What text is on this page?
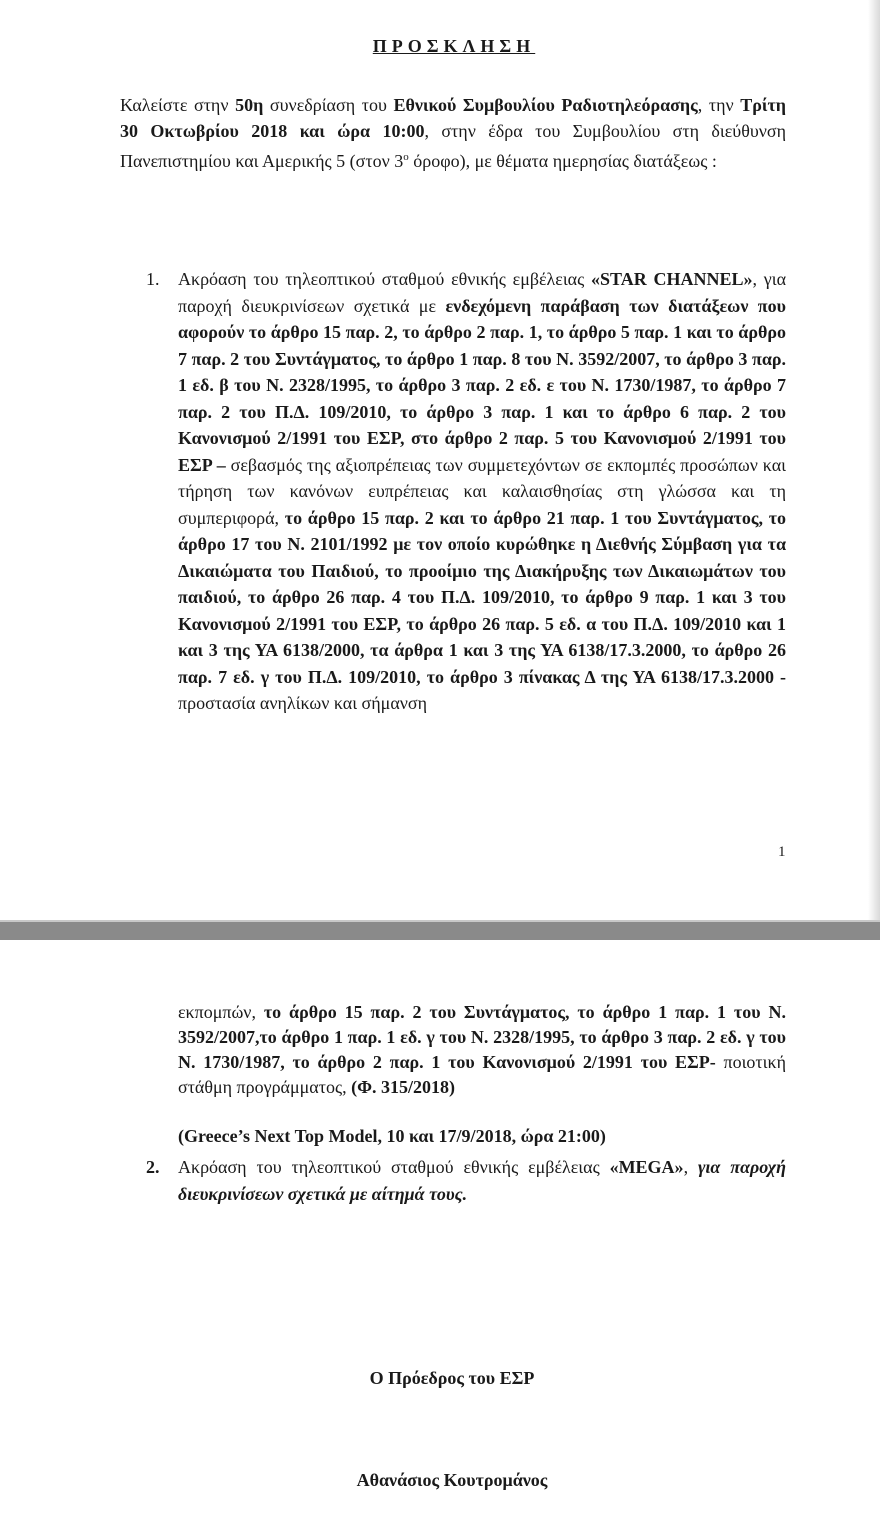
ΠΡΟΣΚΛΗΣΗ
Καλείστε στην 50η συνεδρίαση του Εθνικού Συμβουλίου Ραδιοτηλεόρασης, την Τρίτη 30 Οκτωβρίου 2018 και ώρα 10:00, στην έδρα του Συμβουλίου στη διεύθυνση Πανεπιστημίου και Αμερικής 5 (στον $3^o$ όροφο), με θέματα ημερησίας διατάξεως :
1. Ακρόαση του τηλεοπτικού σταθμού εθνικής εμβέλειας «STAR CHANNEL», για παροχή διευκρινίσεων σχετικά με ενδεχόμενη παράβαση των διατάξεων που αφορούν το άρθρο 15 παρ. 2, το άρθρο 2 παρ. 1, το άρθρο 5 παρ. 1 και το άρθρο 7 παρ. 2 του Συντάγματος, το άρθρο 1 παρ. 8 του Ν. 3592/2007, το άρθρο 3 παρ. 1 εδ. β του Ν. 2328/1995, το άρθρο 3 παρ. 2 εδ. ε του Ν. 1730/1987, το άρθρο 7 παρ. 2 του Π.Δ. 109/2010, το άρθρο 3 παρ. 1 και το άρθρο 6 παρ. 2 του Κανονισμού 2/1991 του ΕΣΡ, στο άρθρο 2 παρ. 5 του Κανονισμού 2/1991 του ΕΣΡ – σεβασμός της αξιοπρέπειας των συμμετεχόντων σε εκπομπές προσώπων και τήρηση των κανόνων ευπρέπειας και καλαισθησίας στη γλώσσα και τη συμπεριφορά, το άρθρο 15 παρ. 2 και το άρθρο 21 παρ. 1 του Συντάγματος, το άρθρο 17 του Ν. 2101/1992 με τον οποίο κυρώθηκε η Διεθνής Σύμβαση για τα Δικαιώματα του Παιδιού, το προοίμιο της Διακήρυξης των Δικαιωμάτων του παιδιού, το άρθρο 26 παρ. 4 του Π.Δ. 109/2010, το άρθρο 9 παρ. 1 και 3 του Κανονισμού 2/1991 του ΕΣΡ, το άρθρο 26 παρ. 5 εδ. α του Π.Δ. 109/2010 και 1 και 3 της ΥΑ 6138/2000, τα άρθρα 1 και 3 της ΥΑ 6138/17.3.2000, το άρθρο 26 παρ. 7 εδ. γ του Π.Δ. 109/2010, το άρθρο 3 πίνακας Δ της ΥΑ 6138/17.3.2000 - προστασία ανηλίκων και σήμανση
1
εκπομπών, το άρθρο 15 παρ. 2 του Συντάγματος, το άρθρο 1 παρ. 1 του Ν. 3592/2007,το άρθρο 1 παρ. 1 εδ. γ του Ν. 2328/1995, το άρθρο 3 παρ. 2 εδ. γ του Ν. 1730/1987, το άρθρο 2 παρ. 1 του Κανονισμού 2/1991 του ΕΣΡ- ποιοτική στάθμη προγράμματος, (Φ. 315/2018)
(Greece’s Next Top Model, 10 και 17/9/2018, ώρα 21:00)
2. Ακρόαση του τηλεοπτικού σταθμού εθνικής εμβέλειας «MEGA», για παροχή διευκρινίσεων σχετικά με αίτημά τους.
Ο Πρόεδρος του ΕΣΡ
Αθανάσιος Κουτρομάνος
